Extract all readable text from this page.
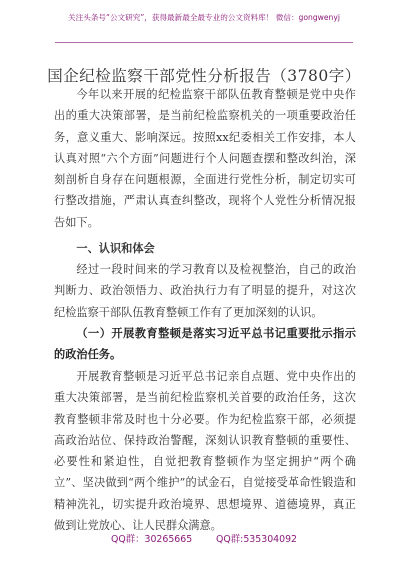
关注头条号“公文研究”，获得最新最全最专业的公文资料库！ 微信：gongwenyj
国企纪检监察干部党性分析报告（3780字）

今年以来开展的纪检监察干部队伍教育整顿是党中央作出的重大决策部署，是当前纪检监察机关的一项重要政治任务，意义重大、影响深远。按照xx纪委相关工作安排，本人认真对照“六个方面”问题进行个人问题查摆和整改纠治，深刻剖析自身存在问题根源，全面进行党性分析，制定切实可行整改措施，严肃认真查纠整改，现将个人党性分析情况报告如下。

一、认识和体会

经过一段时间来的学习教育以及检视整治，自己的政治判断力、政治领悟力、政治执行力有了明显的提升，对这次纪检监察干部队伍教育整顿工作有了更加深刻的认识。

（一）开展教育整顿是落实习近平总书记重要批示指示的政治任务。

开展教育整顿是习近平总书记亲自点题、党中央作出的重大决策部署，是当前纪检监察机关首要的政治任务，这次教育整顿非常及时也十分必要。作为纪检监察干部，必须提高政治站位、保持政治警醒，深刻认识教育整顿的重要性、必要性和紧迫性，自觉把教育整顿作为坚定拥护“两个确立”、坚决做到“两个维护”的试金石，自觉接受革命性锻造和精神洗礼，切实提升政治境界、思想境界、道德境界，真正做到让党放心、让人民群众满意。

QQ群：30265665	QQ群:535304092
